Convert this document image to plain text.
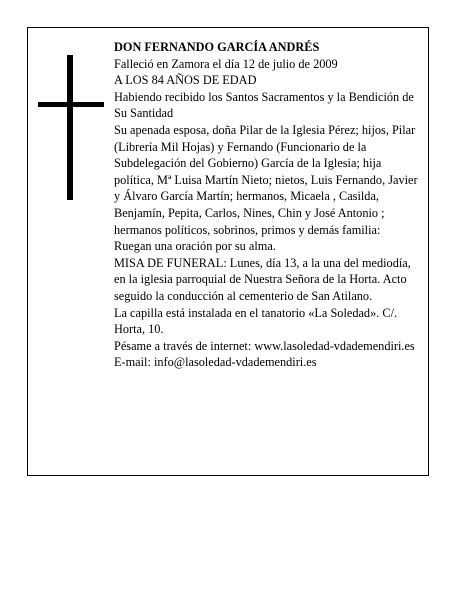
DON FERNANDO GARCÍA ANDRÉS

Falleció en Zamora el día 12 de julio de 2009

A LOS 84 AÑOS DE EDAD

Habiendo recibido los Santos Sacramentos y la Bendición de Su Santidad

Su apenada esposa, doña Pilar de la Iglesia Pérez; hijos, Pilar (Librería Mil Hojas) y Fernando (Funcionario de la Subdelegación del Gobierno) García de la Iglesia; hija política, Mª Luisa Martín Nieto; nietos, Luis Fernando, Javier y Álvaro García Martín; hermanos, Micaela , Casilda, Benjamín, Pepita, Carlos, Nines, Chin y José Antonio ; hermanos políticos, sobrinos, primos y demás familia:

Ruegan una oración por su alma.

MISA DE FUNERAL: Lunes, día 13, a la una del mediodía, en la iglesia parroquial de Nuestra Señora de la Horta. Acto seguido la conducción al cementerio de San Atilano.

La capilla está instalada en el tanatorio «La Soledad». C/. Horta, 10.

Pésame a través de internet: www.lasoledad-vdademendiri.es

E-mail: info@lasoledad-vdademendiri.es
